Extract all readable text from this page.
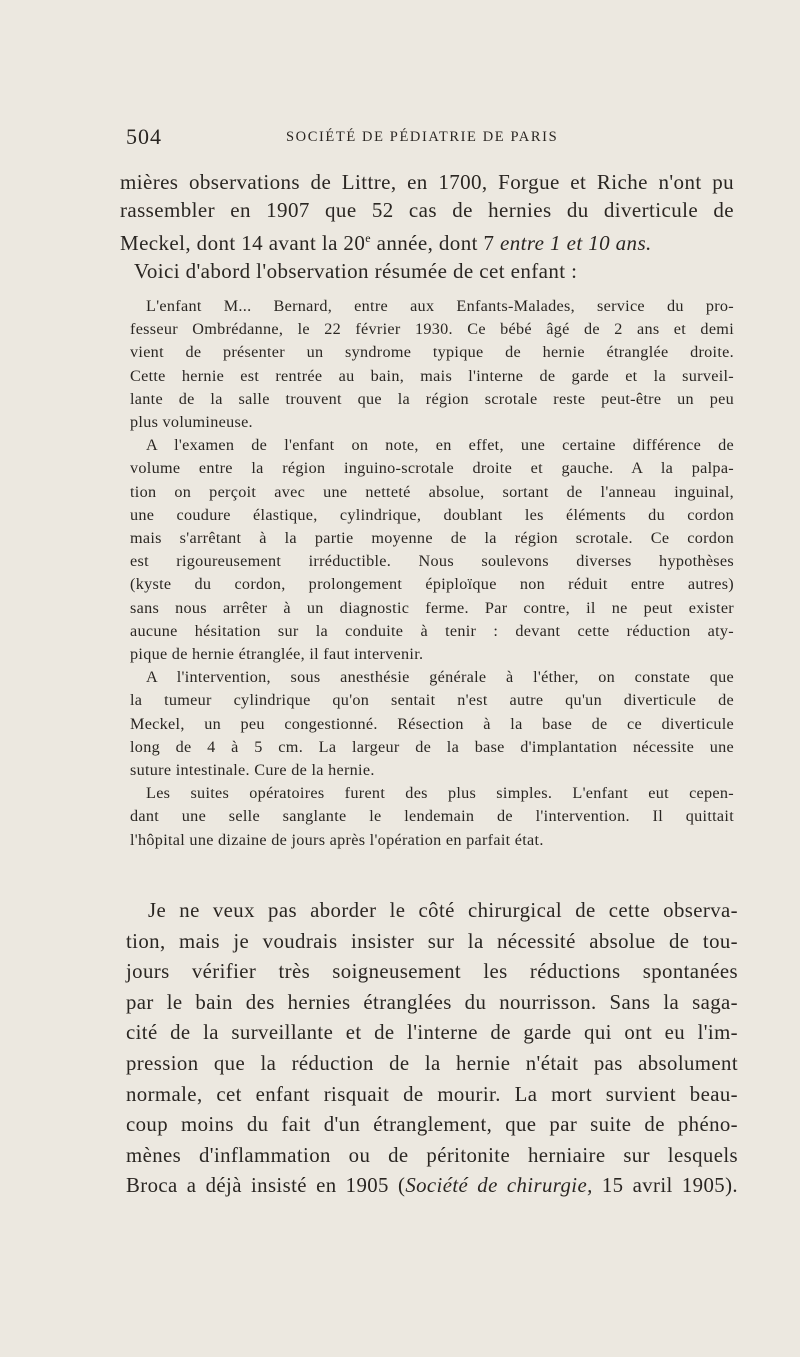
504	SOCIÉTÉ DE PÉDIATRIE DE PARIS
mières observations de Littre, en 1700, Forgue et Riche n'ont pu
rassembler en 1907 que 52 cas de hernies du diverticule de
Meckel, dont 14 avant la 20e année, dont 7 entre 1 et 10 ans.
Voici d'abord l'observation résumée de cet enfant :
L'enfant M... Bernard, entre aux Enfants-Malades, service du pro-
fesseur Ombrédanne, le 22 février 1930. Ce bébé âgé de 2 ans et demi
vient de présenter un syndrome typique de hernie étranglée droite.
Cette hernie est rentrée au bain, mais l'interne de garde et la surveil-
lante de la salle trouvent que la région scrotale reste peut-être un peu
plus volumineuse.
A l'examen de l'enfant on note, en effet, une certaine différence de
volume entre la région inguino-scrotale droite et gauche. A la palpa-
tion on perçoit avec une netteté absolue, sortant de l'anneau inguinal,
une coudure élastique, cylindrique, doublant les éléments du cordon
mais s'arrêtant à la partie moyenne de la région scrotale. Ce cordon
est rigoureusement irréductible. Nous soulevons diverses hypothèses
(kyste du cordon, prolongement épiploïque non réduit entre autres)
sans nous arrêter à un diagnostic ferme. Par contre, il ne peut exister
aucune hésitation sur la conduite à tenir : devant cette réduction aty-
pique de hernie étranglée, il faut intervenir.
A l'intervention, sous anesthésie générale à l'éther, on constate que
la tumeur cylindrique qu'on sentait n'est autre qu'un diverticule de
Meckel, un peu congestionné. Résection à la base de ce diverticule
long de 4 à 5 cm. La largeur de la base d'implantation nécessite une
suture intestinale. Cure de la hernie.
Les suites opératoires furent des plus simples. L'enfant eut cepen-
dant une selle sanglante le lendemain de l'intervention. Il quittait
l'hôpital une dizaine de jours après l'opération en parfait état.
Je ne veux pas aborder le côté chirurgical de cette observa-
tion, mais je voudrais insister sur la nécessité absolue de tou-
jours vérifier très soigneusement les réductions spontanées
par le bain des hernies étranglées du nourrisson. Sans la saga-
cité de la surveillante et de l'interne de garde qui ont eu l'im-
pression que la réduction de la hernie n'était pas absolument
normale, cet enfant risquait de mourir. La mort survient beau-
coup moins du fait d'un étranglement, que par suite de phéno-
mènes d'inflammation ou de péritonite herniaire sur lesquels
Broca a déjà insisté en 1905 (Société de chirurgie, 15 avril 1905).
